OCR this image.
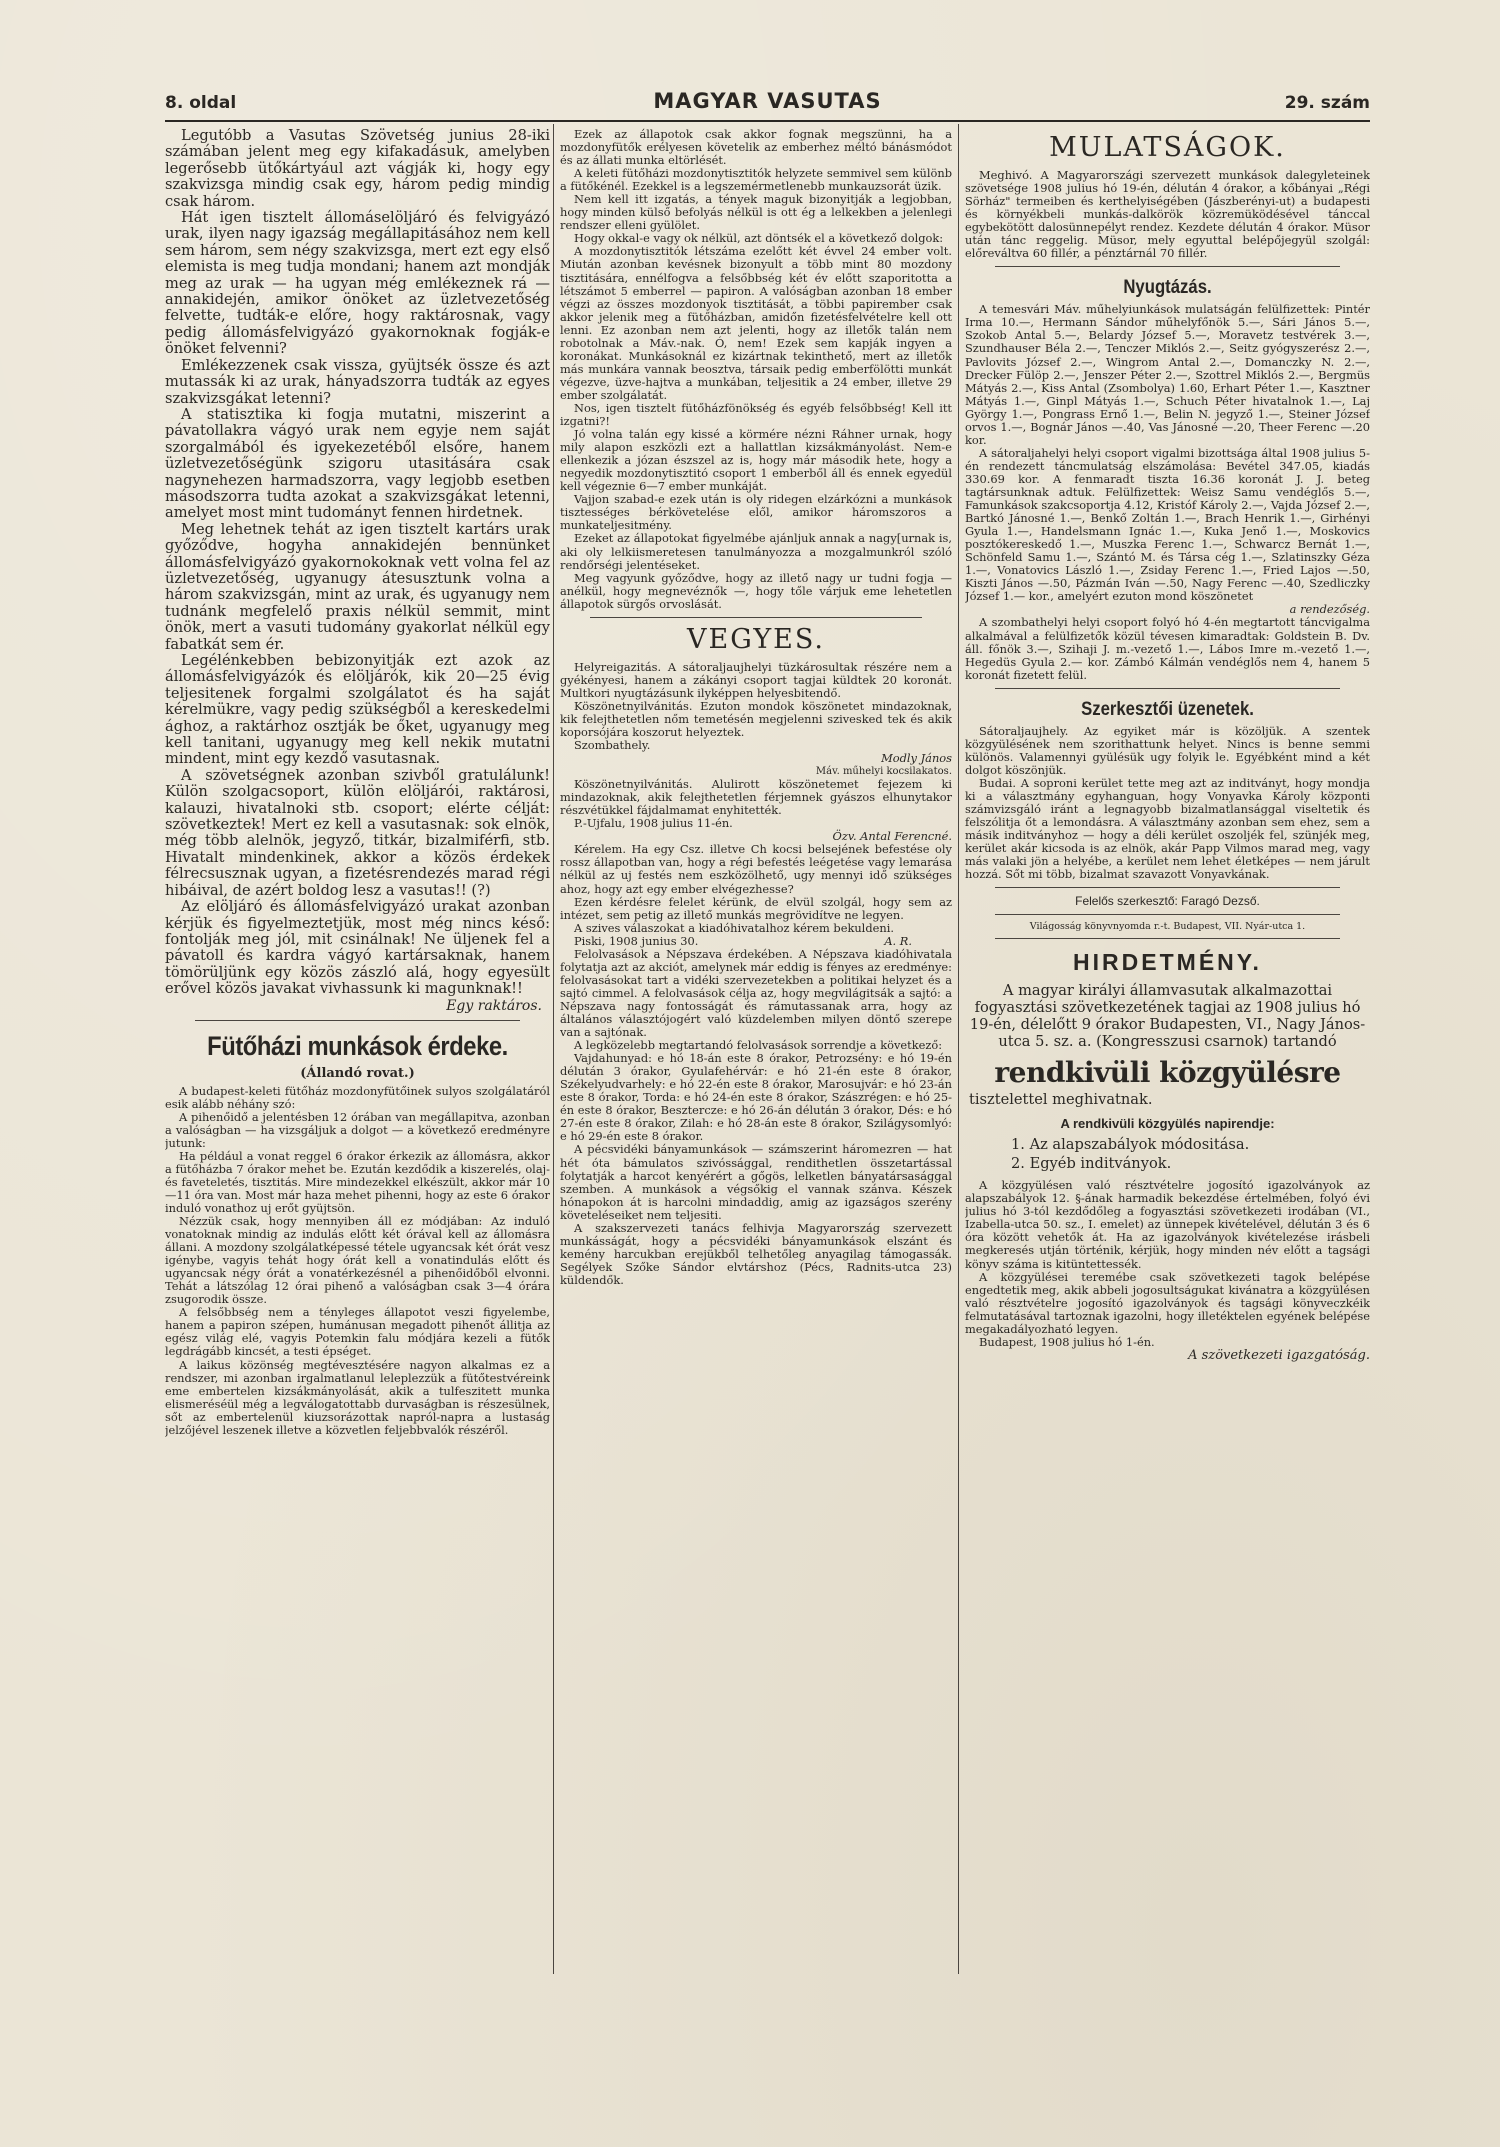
8. oldal	MAGYAR VASUTAS	29. szám

Legutóbb a Vasutas Szövetség junius 28-iki számában jelent meg egy kifakadásuk, amelyben legerősebb ütőkártyául azt vágják ki, hogy egy szakvizsga mindig csak egy, három pedig mindig csak három.

Hát igen tisztelt állomáselöljáró és felvigyázó urak, ilyen nagy igazság megállapitásához nem kell sem három, sem négy szakvizsga, mert ezt egy első elemista is meg tudja mondani; hanem azt mondják meg az urak — ha ugyan még emlékeznek rá — annakidején, amikor önöket az üzletvezetőség felvette, tudták-e előre, hogy raktárosnak, vagy pedig állomásfelvigyázó gyakornoknak fogják-e önöket felvenni?

Emlékezzenek csak vissza, gyüjtsék össze és azt mutassák ki az urak, hányadszorra tudták az egyes szakvizsgákat letenni?

A statisztika ki fogja mutatni, miszerint a pávatollakra vágyó urak nem egyje nem saját szorgalmából és igyekezetéből elsőre, hanem üzletvezetőségünk szigoru utasitására csak nagynehezen harmadszorra, vagy legjobb esetben másodszorra tudta azokat a szakvizsgákat letenni, amelyet most mint tudományt fennen hirdetnek.

Meg lehetnek tehát az igen tisztelt kartárs urak győződve, hogyha annakidején bennünket állomásfelvigyázó gyakornokoknak vett volna fel az üzletvezetőség, ugyanugy átesusztunk volna a három szakvizsgán, mint az urak, és ugyanugy nem tudnánk megfelelő praxis nélkül semmit, mint önök, mert a vasuti tudomány gyakorlat nélkül egy fabatkát sem ér.

Legélénkebben bebizonyitják ezt azok az állomásfelvigyázók és elöljárók, kik 20—25 évig teljesitenek forgalmi szolgálatot és ha saját kérelmükre, vagy pedig szükségből a kereskedelmi ághoz, a raktárhoz osztják be őket, ugyanugy meg kell tanitani, ugyanugy meg kell nekik mutatni mindent, mint egy kezdő vasutasnak.

A szövetségnek azonban szivből gratulálunk! Külön szolgacsoport, külön elöljárói, raktárosi, kalauzi, hivatalnoki stb. csoport; elérte célját: szövetkeztek! Mert ez kell a vasutasnak: sok elnök, még több alelnök, jegyző, titkár, bizalmiférfi, stb. Hivatalt mindenkinek, akkor a közös érdekek félrecsusznak ugyan, a fizetésrendezés marad régi hibáival, de azért boldog lesz a vasutas!! (?)

Az elöljáró és állomásfelvigyázó urakat azonban kérjük és figyelmeztetjük, most még nincs késő: fontolják meg jól, mit csinálnak! Ne üljenek fel a pávatoll és kardra vágyó kartársaknak, hanem tömörüljünk egy közös zászló alá, hogy egyesült erővel közös javakat vivhassunk ki magunknak!!

Egy raktáros.
Fütőházi munkások érdeke.
(Állandó rovat.)

A budapest-keleti fütőház mozdonyfütőinek sulyos szolgálatáról esik alább néhány szó:

A pihenőidő a jelentésben 12 órában van megállapitva, azonban a valóságban — ha vizsgáljuk a dolgot — a következő eredményre jutunk:

Ha például a vonat reggel 6 órakor érkezik az állomásra, akkor a fütőházba 7 órakor mehet be. Ezután kezdődik a kiszerelés, olaj- és faveteletés, tisztitás. Mire mindezekkel elkészült, akkor már 10—11 óra van. Most már haza mehet pihenni, hogy az este 6 órakor induló vonathoz uj erőt gyüjtsön.

Nézzük csak, hogy mennyiben áll ez módjában: Az induló vonatoknak mindig az indulás előtt két órával kell az állomásra állani. A mozdony szolgálatképessé tétele ugyancsak két órát vesz igénybe, vagyis tehát hogy órát kell a vonatindulás előtt és ugyancsak négy órát a vonatérkezésnél a pihenőidőből elvonni. Tehát a látszólag 12 órai pihenő a valóságban csak 3—4 órára zsugorodik össze.

A felsőbbség nem a tényleges állapotot veszi figyelembe, hanem a papiron szépen, humánusan megadott pihenőt állitja az egész világ elé, vagyis Potemkin falu módjára kezeli a fütők legdrágább kincsét, a testi épséget.

A laikus közönség megtévesztésére nagyon alkalmas ez a rendszer, mi azonban irgalmatlanul leleplezzük a fütőtestvéreink eme embertelen kizsákmányolását, akik a tulfeszitett munka elismeréséül még a legválogatottabb durvaságban is részesülnek, sőt az embertelenül kiuzsorázottak napról-napra a lustaság jelzőjével leszenek illetve a közvetlen feljebbvalók részéről.

Ezek az állapotok csak akkor fognak megszünni, ha a mozdonyfütők erélyesen követelik az emberhez méltó bánásmódot és az állati munka eltörlését.

A keleti fütőházi mozdonytisztitók helyzete semmivel sem különb a fütőkénél. Ezekkel is a legszemérmetlenebb munkauzsorát üzik.

Nem kell itt izgatás, a tények maguk bizonyitják a legjobban, hogy minden külső befolyás nélkül is ott ég a lelkekben a jelenlegi rendszer elleni gyülölet.

Hogy okkal-e vagy ok nélkül, azt döntsék el a következő dolgok:

A mozdonytisztitók létszáma ezelőtt két évvel 24 ember volt. Miután azonban kevésnek bizonyult a több mint 80 mozdony tisztitására, ennélfogva a felsőbbség két év előtt szaporitotta a létszámot 5 emberrel — papiron. A valóságban azonban 18 ember végzi az összes mozdonyok tisztitását, a többi papirember csak akkor jelenik meg a fütőházban, amidőn fizetésfelvételre kell ott lenni. Ez azonban nem azt jelenti, hogy az illetők talán nem robotolnak a Máv.-nak. Ó, nem! Ezek sem kapják ingyen a koronákat. Munkásoknál ez kizártnak tekinthető, mert az illetők más munkára vannak beosztva, társaik pedig emberfölötti munkát végezve, üzve-hajtva a munkában, teljesitik a 24 ember, illetve 29 ember szolgálatát.

Nos, igen tisztelt fütőházfönökség és egyéb felsőbbség! Kell itt izgatni?!

Jó volna talán egy kissé a körmére nézni Ráhner urnak, hogy mily alapon eszközli ezt a hallattlan kizsákmányolást. Nem-e ellenkezik a józan észszel az is, hogy már második hete, hogy a negyedik mozdonytisztitó csoport 1 emberből áll és ennek egyedül kell végeznie 6—7 ember munkáját.

Vajjon szabad-e ezek után is oly ridegen elzárkózni a munkások tisztességes bérkövetelése elől, amikor háromszoros a munkateljesitmény.

Ezeket az állapotokat figyelmébe ajánljuk annak a nagy[urnak is, aki oly lelkiismeretesen tanulmányozza a mozgalmunkról szóló rendőrségi jelentéseket.

Meg vagyunk győződve, hogy az illető nagy ur tudni fogja — anélkül, hogy megnevéznők —, hogy tőle várjuk eme lehetetlen állapotok sürgős orvoslását.

VEGYES.

Helyreigazitás. A sátoraljaujhelyi tüzkárosultak részére nem a gyékényesi, hanem a zákányi csoport tagjai küldtek 20 koronát. Multkori nyugtázásunk ilyképpen helyesbitendő.

Köszönetnyilvánitás. Ezuton mondok köszönetet mindazoknak, kik felejthetetlen nőm temetésén megjelenni szivesked tek és akik koporsójára koszorut helyeztek.

Szombathely.

Modly János
Máv. műhelyi kocsilakatos.

Köszönetnyilvánitás. Alulirott köszönetemet fejezem ki mindazoknak, akik felejthetetlen férjemnek gyászos elhunytakor részvétükkel fájdalmamat enyhitették.

P.-Ujfalu, 1908 julius 11-én.

Özv. Antal Ferencné.

Kérelem. Ha egy Csz. illetve Ch kocsi belsejének befestése oly rossz állapotban van, hogy a régi befestés leégetése vagy lemarása nélkül az uj festés nem eszközölhető, ugy mennyi idő szükséges ahoz, hogy azt egy ember elvégezhesse?

Ezen kérdésre felelet kérünk, de elvül szolgál, hogy sem az intézet, sem petig az illető munkás megrövidítve ne legyen.

A szives válaszokat a kiadóhivatalhoz kérem bekuldeni.

Piski, 1908 junius 30.	A. R.

Felolvasások a Népszava érdekében. A Népszava kiadóhivatala folytatja azt az akciót, amelynek már eddig is fényes az eredménye: felolvasásokat tart a vidéki szervezetekben a politikai helyzet és a sajtó cimmel. A felolvasások célja az, hogy megvilágitsák a sajtó: a Népszava nagy fontosságát és rámutassanak arra, hogy az általános választójogért való küzdelemben milyen döntő szerepe van a sajtónak.

A legközelebb megtartandó felolvasások sorrendje a következő:

Vajdahunyad: e hó 18-án este 8 órakor, Petrozsény: e hó 19-én délután 3 órakor, Gyulafehérvár: e hó 21-én este 8 órakor, Székelyudvarhely: e hó 22-én este 8 órakor, Marosujvár: e hó 23-án este 8 órakor, Torda: e hó 24-én este 8 órakor, Szászrégen: e hó 25-én este 8 órakor, Besztercze: e hó 26-án délután 3 órakor, Dés: e hó 27-én este 8 órakor, Zilah: e hó 28-án este 8 órakor, Szilágysomlyó: e hó 29-én este 8 órakor.

A pécsvidéki bányamunkások — számszerint háromezren — hat hét óta bámulatos szivóssággal, rendithetlen összetartással folytatják a harcot kenyérért a gőgös, lelketlen bányatársasággal szemben. A munkások a végsőkig el vannak szánva. Készek hónapokon át is harcolni mindaddig, amig az igazságos szerény követeléseiket nem teljesiti.

A szakszervezeti tanács felhivja Magyarország szervezett munkásságát, hogy a pécsvidéki bányamunkások elszánt és kemény harcukban erejükből telhetőleg anyagilag támogassák. Segélyek Szőke Sándor elvtárshoz (Pécs, Radnits-utca 23) küldendők.

MULATSÁGOK.

Meghivó. A Magyarországi szervezett munkások dalegyleteinek szövetsége 1908 julius hó 19-én, délután 4 órakor, a kőbányai „Régi Sörház" termeiben és kerthelyiségében (Jászberényi-ut) a budapesti és környékbeli munkás-dalkörök közremüködésével tánccal egybekötött dalosünnepélyt rendez. Kezdete délután 4 órakor. Müsor után tánc reggelig. Müsor, mely egyuttal belépőjegyül szolgál: előreváltva 60 fillér, a pénztárnál 70 fillér.

Nyugtázás.

A temesvári Máv. műhelyiunkások mulatságán felülfizettek: Pintér Irma 10.—, Hermann Sándor műhelyfőnök 5.—, Sári János 5.—, Szokob Antal 5.—, Belardy József 5.—, Moravetz testvérek 3.—, Szundhauser Béla 2.—, Tenczer Miklós 2.—, Seitz gyógyszerész 2.—, Pavlovits József 2.—, Wingrom Antal 2.—, Domanczky N. 2.—, Drecker Fülöp 2.—, Jenszer Péter 2.—, Szottrel Miklós 2.—, Bergmüs Mátyás 2.—, Kiss Antal (Zsombolya) 1.60, Erhart Péter 1.—, Kasztner Mátyás 1.—, Ginpl Mátyás 1.—, Schuch Péter hivatalnok 1.—, Laj György 1.—, Pongrass Ernő 1.—, Belin N. jegyző 1.—, Steiner József orvos 1.—, Bognár János —.40, Vas Jánosné —.20, Theer Ferenc —.20 kor.

A sátoraljahelyi helyi csoport vigalmi bizottsága által 1908 julius 5-én rendezett táncmulatság elszámolása: Bevétel 347.05, kiadás 330.69 kor. A fenmaradt tiszta 16.36 koronát J. J. beteg tagtársunknak adtuk. Felülfizettek: Weisz Samu vendéglős 5.—, Famunkások szakcsoportja 4.12, Kristóf Károly 2.—, Vajda József 2.—, Bartkó Jánosné 1.—, Benkő Zoltán 1.—, Brach Henrik 1.—, Girhényi Gyula 1.—, Handelsmann Ignác 1.—, Kuka Jenő 1.—, Moskovics posztókereskedő 1.—, Muszka Ferenc 1.—, Schwarcz Bernát 1.—, Schönfeld Samu 1.—, Szántó M. és Társa cég 1.—, Szlatinszky Géza 1.—, Vonatovics László 1.—, Zsiday Ferenc 1.—, Fried Lajos —.50, Kiszti János —.50, Pázmán Iván —.50, Nagy Ferenc —.40, Szedliczky József 1.— kor., amelyért ezuton mond köszönetet

a rendezőség.

A szombathelyi helyi csoport folyó hó 4-én megtartott táncvigalma alkalmával a felülfizetők közül tévesen kimaradtak: Goldstein B. Dv. áll. főnök 3.—, Szihaji J. m.-vezető 1.—, Lábos Imre m.-vezető 1.—, Hegedüs Gyula 2.— kor. Zámbó Kálmán vendéglős nem 4, hanem 5 koronát fizetett felül.

Szerkesztői üzenetek.

Sátoraljaujhely. Az egyiket már is közöljük. A szentek közgyülésének nem szorithattunk helyet. Nincs is benne semmi különös. Valamennyi gyülésük ugy folyik le. Egyébként mind a két dolgot köszönjük.

Budai. A soproni kerület tette meg azt az inditványt, hogy mondja ki a választmány egyhanguan, hogy Vonyavka Károly központi számvizsgáló iránt a legnagyobb bizalmatlansággal viseltetik és felszólitja őt a lemondásra. A választmány azonban sem ehez, sem a másik inditványhoz — hogy a déli kerület oszoljék fel, szünjék meg, kerület akár kicsoda is az elnök, akár Papp Vilmos marad meg, vagy más valaki jön a helyébe, a kerület nem lehet életképes — nem járult hozzá. Sőt mi több, bizalmat szavazott Vonyavkának.

Felelős szerkesztő: Faragó Dezső.
Világosság könyvnyomda r.-t. Budapest, VII. Nyár-utca 1.
HIRDETMÉNY.

A magyar királyi államvasutak alkalmazottai fogyasztási szövetkezetének tagjai az 1908 julius hó 19-én, délelőtt 9 órakor Budapesten, VI., Nagy János-utca 5. sz. a. (Kongresszusi csarnok) tartandó

rendkivüli közgyülésre

tisztelettel meghivatnak.

A rendkivüli közgyülés napirendje:
1. Az alapszabályok módositása.
2. Egyéb inditványok.

A közgyülésen való résztvételre jogosító igazolványok az alapszabályok 12. §-ának harmadik bekezdése értelmében, folyó évi julius hó 3-tól kezdődőleg a fogyasztási szövetkezeti irodában (VI., Izabella-utca 50. sz., I. emelet) az ünnepek kivételével, délután 3 és 6 óra között vehetők át. Ha az igazolványok kivételezése irásbeli megkeresés utján történik, kérjük, hogy minden név előtt a tagsági könyv száma is kitüntettessék.

A közgyülései teremébe csak szövetkezeti tagok belépése engedtetik meg, akik abbeli jogosultságukat kivánatra a közgyülésen való résztvételre jogosító igazolványok és tagsági könyveczkéik felmutatásával tartoznak igazolni, hogy illetéktelen egyének belépése megakadályozható legyen.

Budapest, 1908 julius hó 1-én.

A szövetkezeti igazgatóság.
